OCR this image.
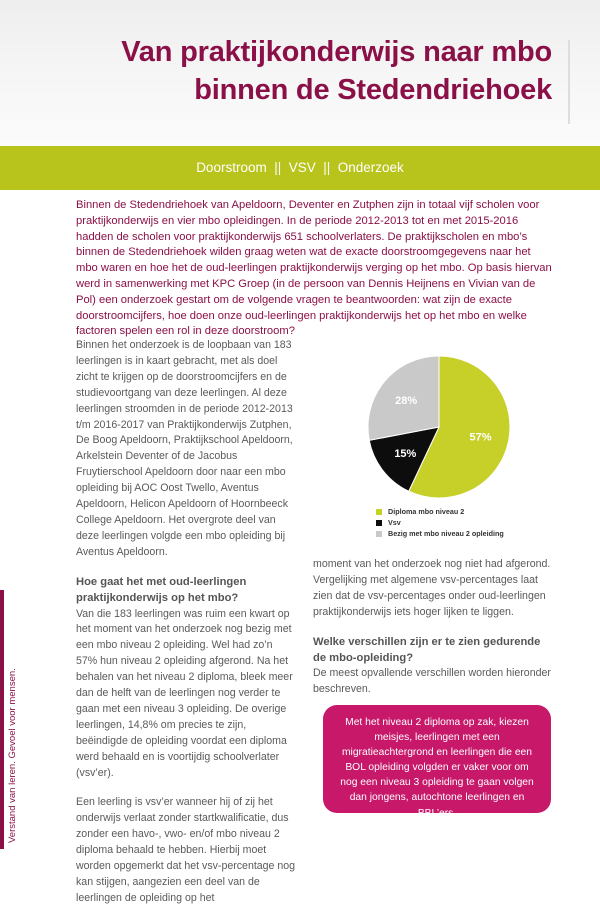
Van praktijkonderwijs naar mbo
binnen de Stedendriehoek
Doorstroom  ||  VSV  ||  Onderzoek
Binnen de Stedendriehoek van Apeldoorn, Deventer en Zutphen zijn in totaal vijf scholen voor praktijkonderwijs en vier mbo opleidingen. In de periode 2012-2013 tot en met 2015-2016 hadden de scholen voor praktijkonderwijs 651 schoolverlaters. De praktijkscholen en mbo’s binnen de Stedendriehoek wilden graag weten wat de exacte doorstroomgegevens naar het mbo waren en hoe het de oud-leerlingen praktijkonderwijs verging op het mbo. Op basis hiervan werd in samenwerking met KPC Groep (in de persoon van Dennis Heijnens en Vivian van de Pol) een onderzoek gestart om de volgende vragen te beantwoorden: wat zijn de exacte doorstroomcijfers, hoe doen onze oud-leerlingen praktijkonderwijs het op het mbo en welke factoren spelen een rol in deze doorstroom?

Binnen het onderzoek is de loopbaan van 183 leerlingen is in kaart gebracht, met als doel zicht te krijgen op de doorstroomcijfers en de studievoortgang van deze leerlingen. Al deze leerlingen stroomden in de periode 2012-2013 t/m 2016-2017 van Praktijkonderwijs Zutphen, De Boog Apeldoorn, Praktijkschool Apeldoorn, Arkelstein Deventer of de Jacobus Fruytierschool Apeldoorn door naar een mbo opleiding bij AOC Oost Twello, Aventus Apeldoorn, Helicon Apeldoorn of Hoornbeeck College Apeldoorn. Het overgrote deel van deze leerlingen volgde een mbo opleiding bij Aventus Apeldoorn.

Hoe gaat het met oud-leerlingen praktijkonderwijs op het mbo?

Van die 183 leerlingen was ruim een kwart op het moment van het onderzoek nog bezig met een mbo niveau 2 opleiding. Wel had zo’n 57% hun niveau 2 opleiding afgerond. Na het behalen van het niveau 2 diploma, bleek meer dan de helft van de leerlingen nog verder te gaan met een niveau 3 opleiding. De overige leerlingen, 14,8% om precies te zijn, beëindigde de opleiding voordat een diploma werd behaald en is voortijdig schoolverlater (vsv’er).

Een leerling is vsv’er wanneer hij of zij het onderwijs verlaat zonder startkwalificatie, dus zonder een havo-, vwo- en/of mbo niveau 2 diploma behaald te hebben. Hierbij moet worden opgemerkt dat het vsv-percentage nog kan stijgen, aangezien een deel van de leerlingen de opleiding op het

57%
15%
28%
Diploma mbo niveau 2
Vsv
Bezig met mbo niveau 2 opleiding

moment van het onderzoek nog niet had afgerond. Vergelijking met algemene vsv-percentages laat zien dat de vsv-percentages onder oud-leerlingen praktijkonderwijs iets hoger lijken te liggen.

Welke verschillen zijn er te zien gedurende de mbo-opleiding?

De meest opvallende verschillen worden hieronder beschreven.

Met het niveau 2 diploma op zak, kiezen meisjes, leerlingen met een migratieachtergrond en leerlingen die een BOL opleiding volgden er vaker voor om nog een niveau 3 opleiding te gaan volgen dan jongens, autochtone leerlingen en BBL’ers.
Verstand van leren. Gevoel voor mensen.
